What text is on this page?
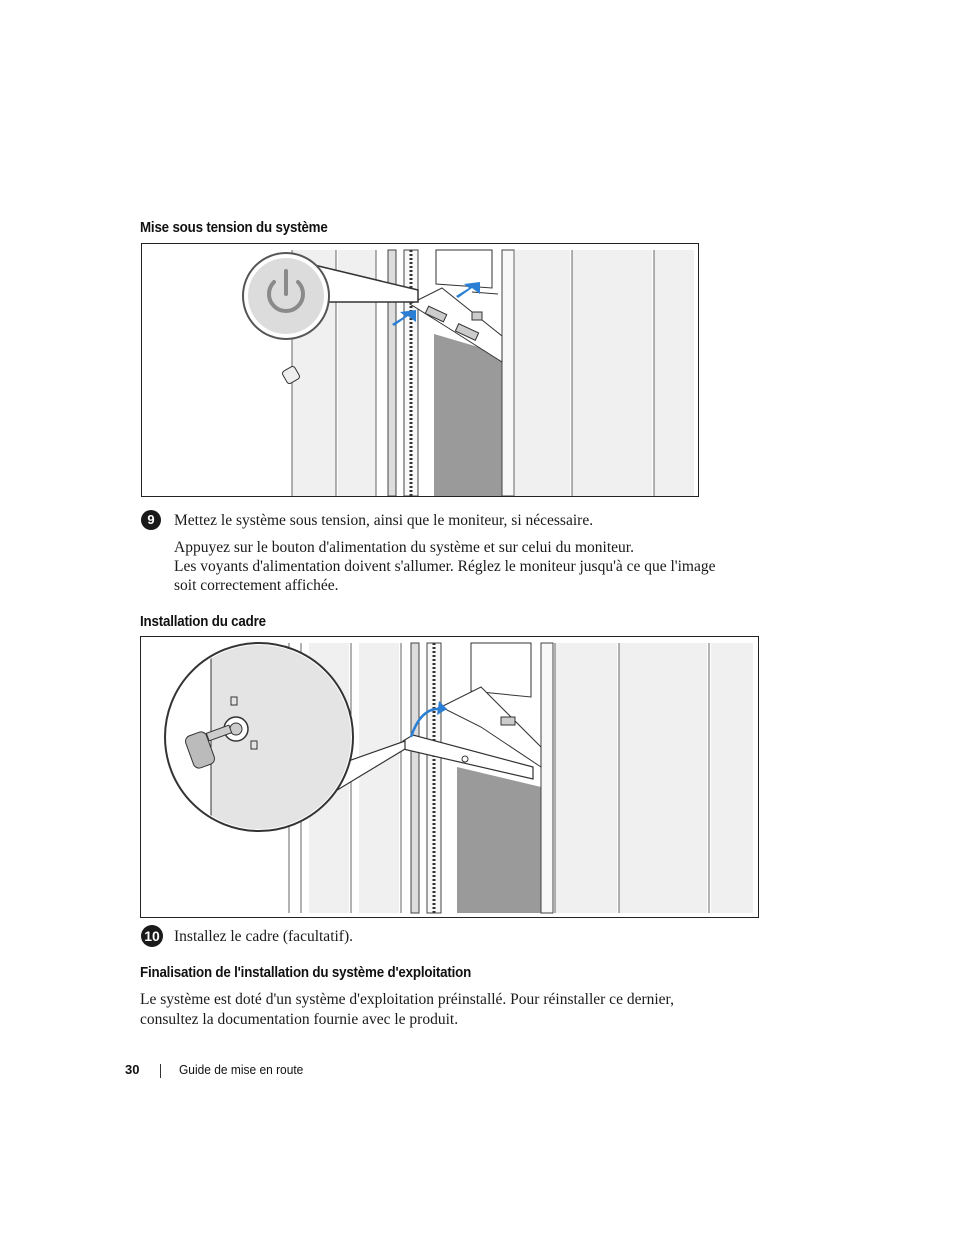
Mise sous tension du système
9	Mettez le système sous tension, ainsi que le moniteur, si nécessaire.
Appuyez sur le bouton d'alimentation du système et sur celui du moniteur.
Les voyants d'alimentation doivent s'allumer. Réglez le moniteur jusqu'à ce que l'image
soit correctement affichée.
Installation du cadre
10 Installez le cadre (facultatif).
Finalisation de l'installation du système d'exploitation
Le système est doté d'un système d'exploitation préinstallé. Pour réinstaller ce dernier,
consultez la documentation fournie avec le produit.
30	Guide de mise en route
